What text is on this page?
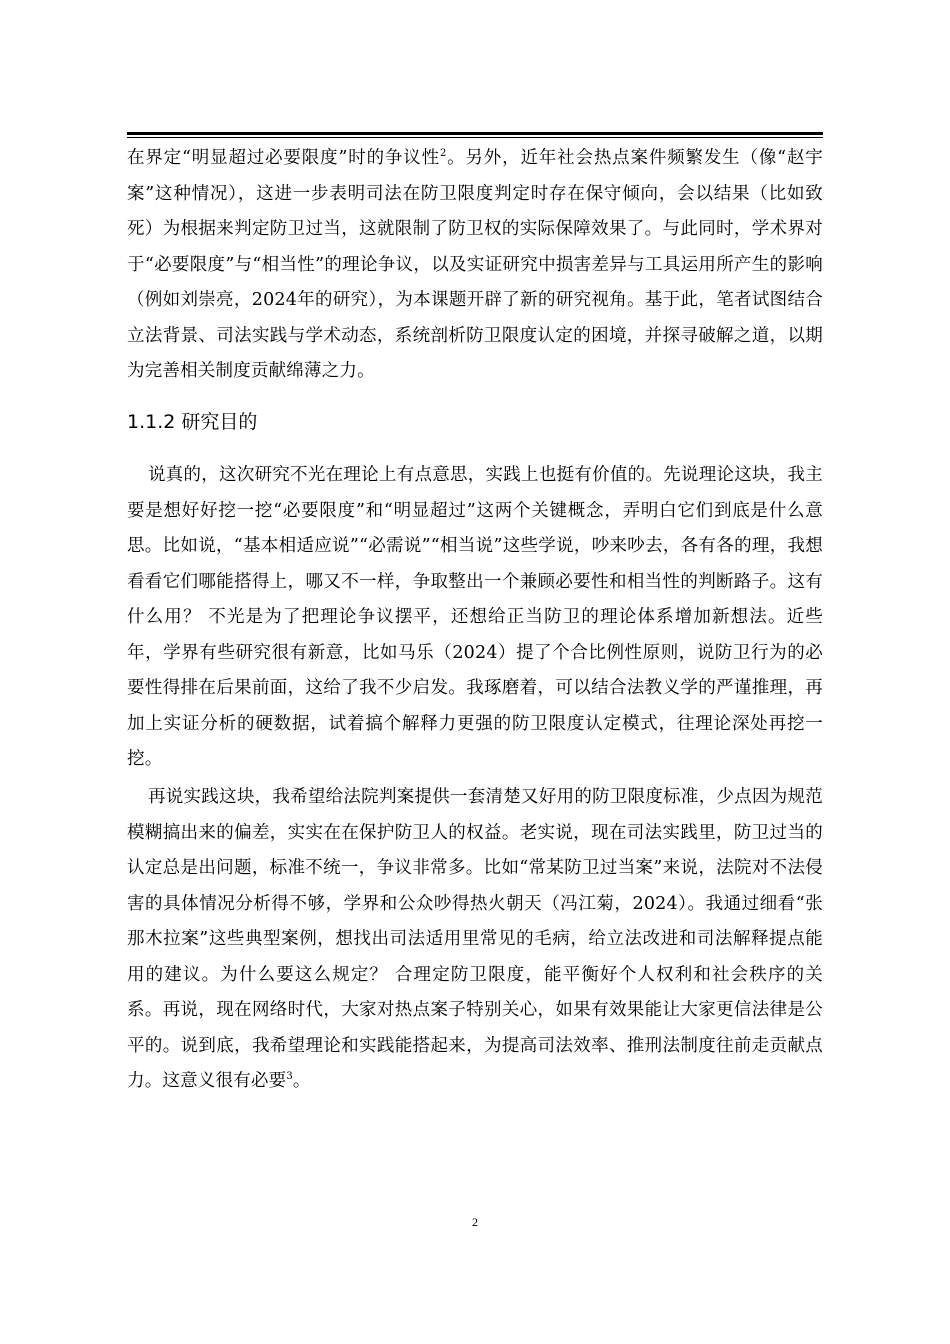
在界定“明显超过必要限度”时的争议性$^2$。另外，近年社会热点案件频繁发生（像“赵宇案”这种情况），这进一步表明司法在防卫限度判定时存在保守倾向，会以结果（比如致死）为根据来判定防卫过当，这就限制了防卫权的实际保障效果了。与此同时，学术界对于“必要限度”与“相当性”的理论争议，以及实证研究中损害差异与工具运用所产生的影响（例如刘崇亮，2024年的研究），为本课题开辟了新的研究视角。基于此，笔者试图结合立法背景、司法实践与学术动态，系统剖析防卫限度认定的困境，并探寻破解之道，以期为完善相关制度贡献绵薄之力。

1.1.2 研究目的

说真的，这次研究不光在理论上有点意思，实践上也挺有价值的。先说理论这块，我主要是想好好挖一挖“必要限度”和“明显超过”这两个关键概念，弄明白它们到底是什么意思。比如说，“基本相适应说”“必需说”“相当说”这些学说，吵来吵去，各有各的理，我想看看它们哪能搭得上，哪又不一样，争取整出一个兼顾必要性和相当性的判断路子。这有什么用？ 不光是为了把理论争议摆平，还想给正当防卫的理论体系增加新想法。近些年，学界有些研究很有新意，比如马乐（2024）提了个合比例性原则，说防卫行为的必要性得排在后果前面，这给了我不少启发。我琢磨着，可以结合法教义学的严谨推理，再加上实证分析的硬数据，试着搞个解释力更强的防卫限度认定模式，往理论深处再挖一挖。

再说实践这块，我希望给法院判案提供一套清楚又好用的防卫限度标准，少点因为规范模糊搞出来的偏差，实实在在保护防卫人的权益。老实说，现在司法实践里，防卫过当的认定总是出问题，标准不统一，争议非常多。比如“常某防卫过当案”来说，法院对不法侵害的具体情况分析得不够，学界和公众吵得热火朝天（冯江菊，2024）。我通过细看“张那木拉案”这些典型案例，想找出司法适用里常见的毛病，给立法改进和司法解释提点能用的建议。为什么要这么规定？ 合理定防卫限度，能平衡好个人权利和社会秩序的关系。再说，现在网络时代，大家对热点案子特别关心，如果有效果能让大家更信法律是公平的。说到底，我希望理论和实践能搭起来，为提高司法效率、推刑法制度往前走贡献点力。这意义很有必要$^3$。

2
